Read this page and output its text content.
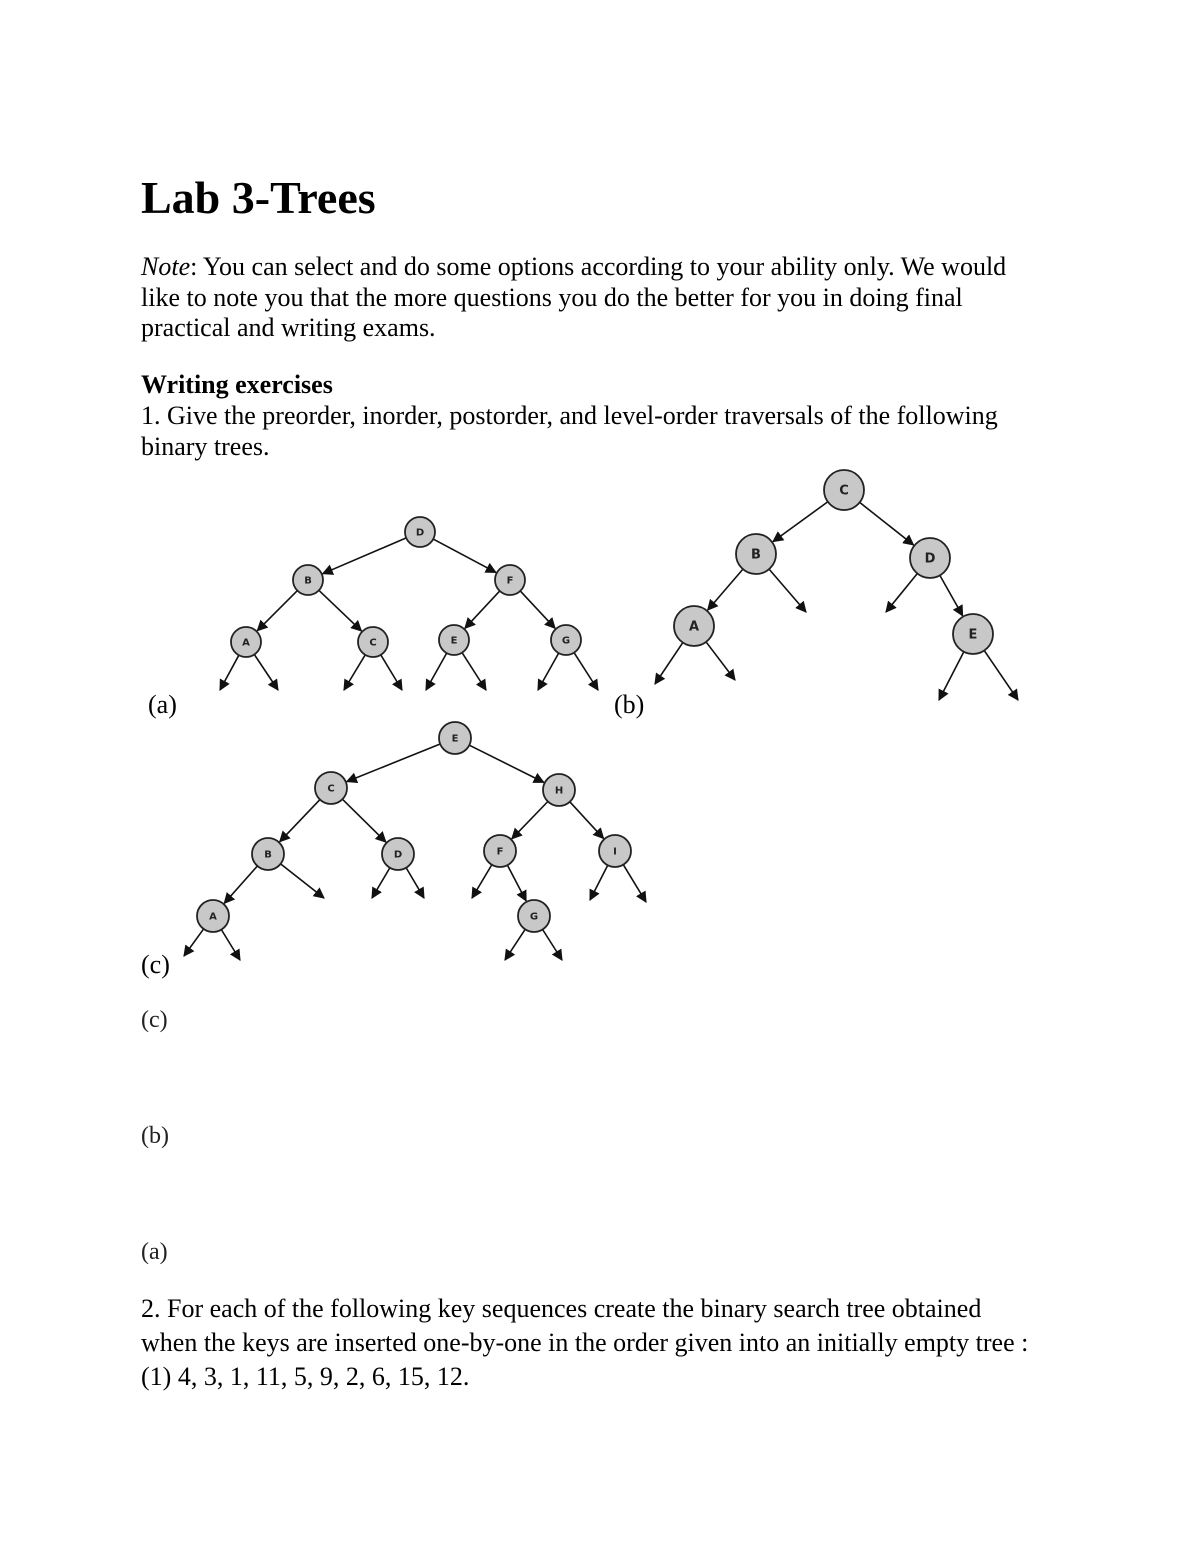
Lab 3-Trees

Note: You can select and do some options according to your ability only. We would

like to note you that the more questions you do the better for you in doing final

practical and writing exams.

Writing exercises

1. Give the preorder, inorder, postorder, and level-order traversals of the following

binary trees.

D
B	F
A	C	E	G
C
B	D
A
E
E
C	H
B	D	F	I
A	G
(a)	(b)
(c)
(c)
(b)
(a)

2. For each of the following key sequences create the binary search tree obtained

when the keys are inserted one-by-one in the order given into an initially empty tree :

(1) 4, 3, 1, 11, 5, 9, 2, 6, 15, 12.
